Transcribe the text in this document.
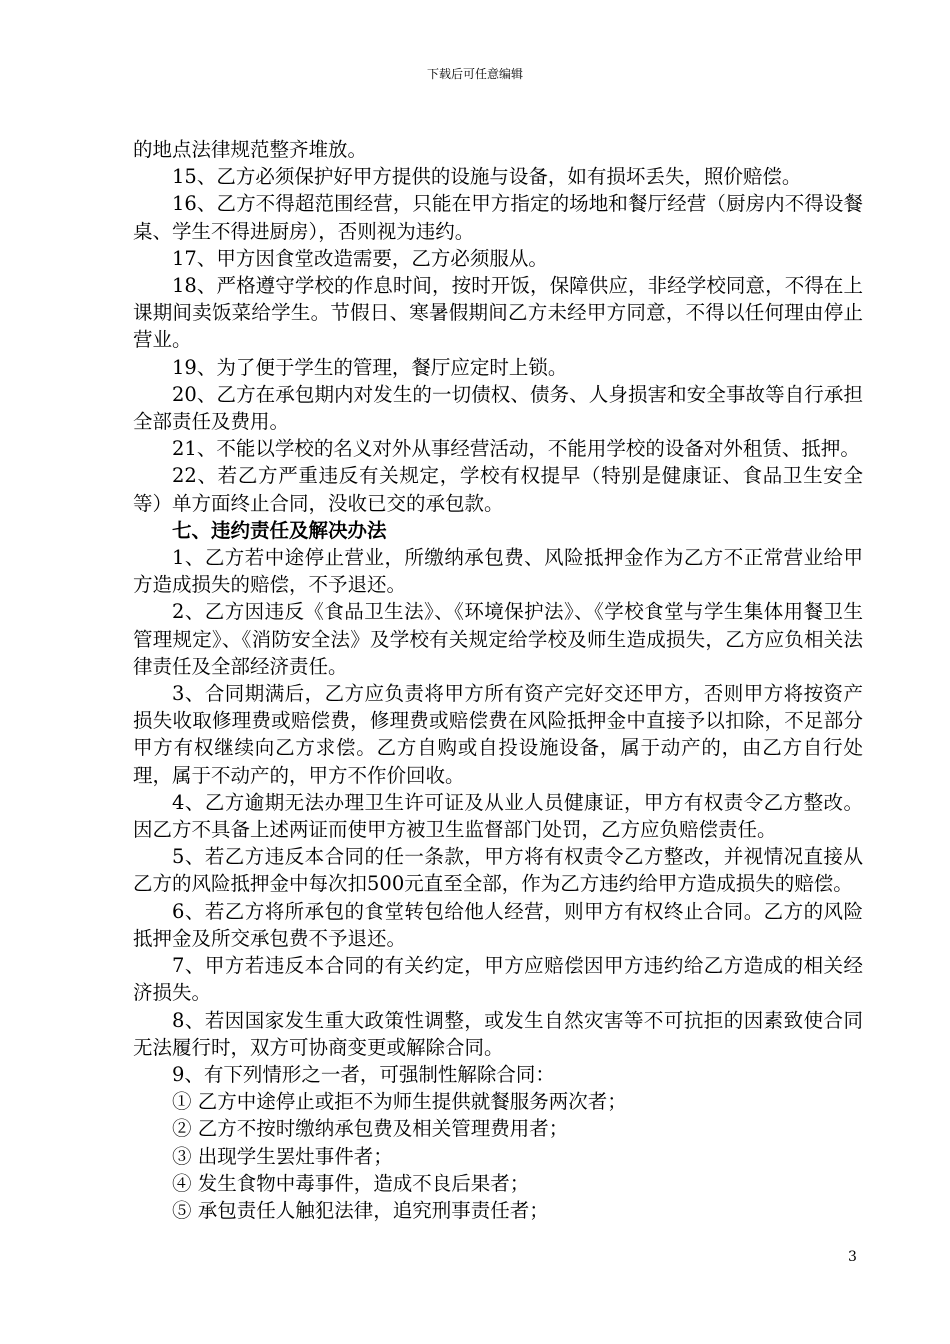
下载后可任意编辑

的地点法律规范整齐堆放。

15、乙方必须保护好甲方提供的设施与设备，如有损坏丢失，照价赔偿。

16、乙方不得超范围经营，只能在甲方指定的场地和餐厅经营（厨房内不得设餐桌、学生不得进厨房），否则视为违约。

17、甲方因食堂改造需要，乙方必须服从。

18、严格遵守学校的作息时间，按时开饭，保障供应，非经学校同意，不得在上课期间卖饭菜给学生。节假日、寒暑假期间乙方未经甲方同意，不得以任何理由停止营业。

19、为了便于学生的管理，餐厅应定时上锁。

20、乙方在承包期内对发生的一切债权、债务、人身损害和安全事故等自行承担全部责任及费用。

21、不能以学校的名义对外从事经营活动，不能用学校的设备对外租赁、抵押。

22、若乙方严重违反有关规定，学校有权提早（特别是健康证、食品卫生安全等）单方面终止合同，没收已交的承包款。

七、违约责任及解决办法

1、乙方若中途停止营业，所缴纳承包费、风险抵押金作为乙方不正常营业给甲方造成损失的赔偿，不予退还。

2、乙方因违反《食品卫生法》、《环境保护法》、《学校食堂与学生集体用餐卫生管理规定》、《消防安全法》及学校有关规定给学校及师生造成损失，乙方应负相关法律责任及全部经济责任。

3、合同期满后，乙方应负责将甲方所有资产完好交还甲方，否则甲方将按资产损失收取修理费或赔偿费，修理费或赔偿费在风险抵押金中直接予以扣除，不足部分甲方有权继续向乙方求偿。乙方自购或自投设施设备，属于动产的，由乙方自行处理，属于不动产的，甲方不作价回收。

4、乙方逾期无法办理卫生许可证及从业人员健康证，甲方有权责令乙方整改。因乙方不具备上述两证而使甲方被卫生监督部门处罚，乙方应负赔偿责任。

5、若乙方违反本合同的任一条款，甲方将有权责令乙方整改，并视情况直接从乙方的风险抵押金中每次扣500元直至全部，作为乙方违约给甲方造成损失的赔偿。

6、若乙方将所承包的食堂转包给他人经营，则甲方有权终止合同。乙方的风险抵押金及所交承包费不予退还。

7、甲方若违反本合同的有关约定，甲方应赔偿因甲方违约给乙方造成的相关经济损失。

8、若因国家发生重大政策性调整，或发生自然灾害等不可抗拒的因素致使合同无法履行时，双方可协商变更或解除合同。

9、有下列情形之一者，可强制性解除合同：

① 乙方中途停止或拒不为师生提供就餐服务两次者；

② 乙方不按时缴纳承包费及相关管理费用者；

③ 出现学生罢灶事件者；

④ 发生食物中毒事件，造成不良后果者；

⑤ 承包责任人触犯法律，追究刑事责任者；

3
